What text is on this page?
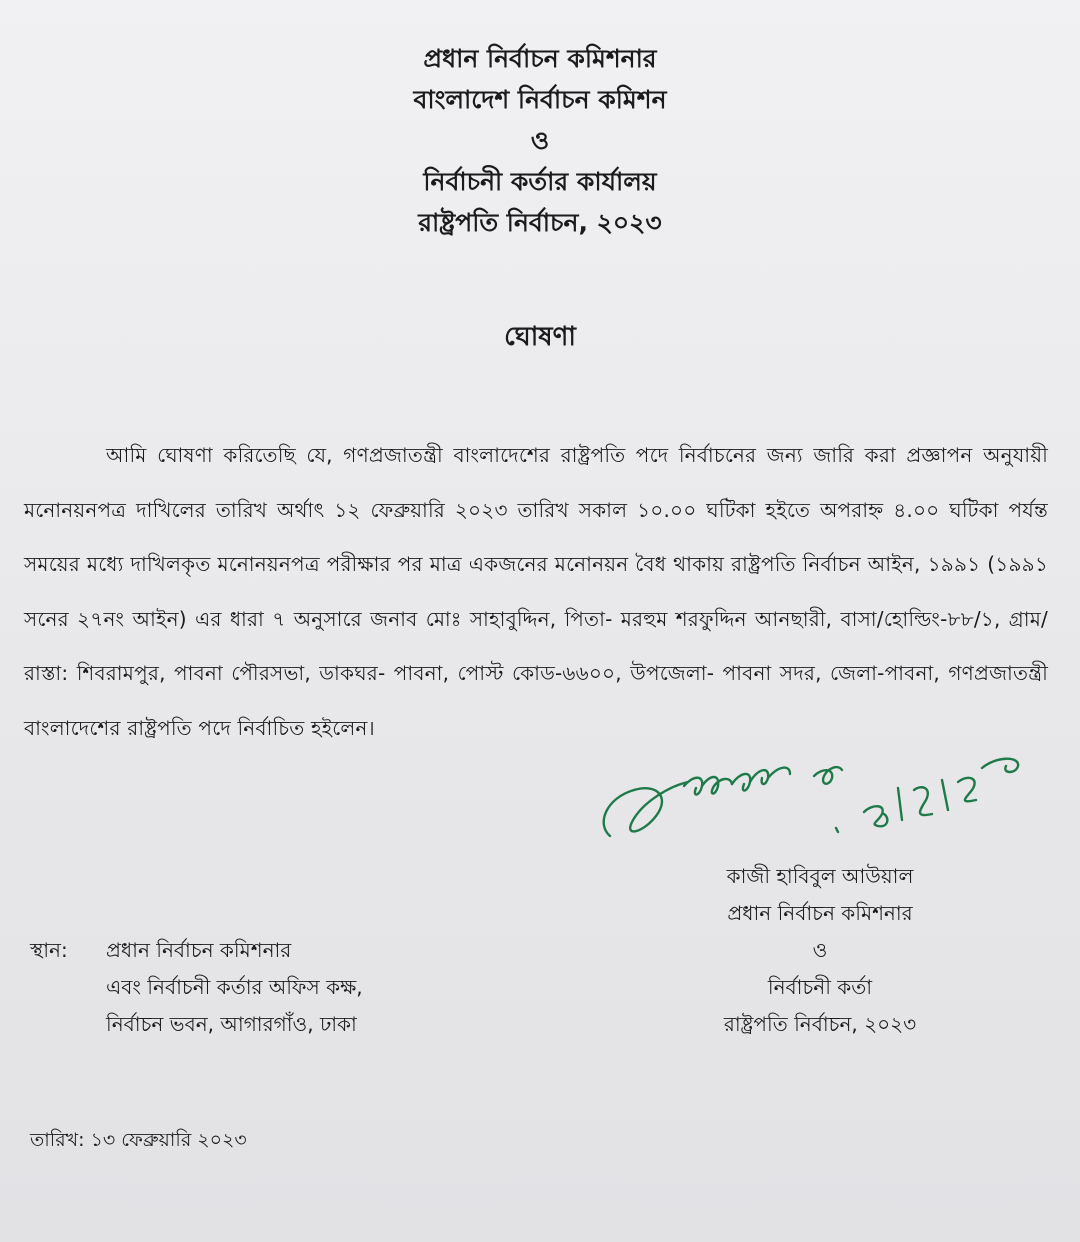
প্রধান নির্বাচন কমিশনার
বাংলাদেশ নির্বাচন কমিশন
ও
নির্বাচনী কর্তার কার্যালয়
রাষ্ট্রপতি নির্বাচন, ২০২৩
ঘোষণা

আমি ঘোষণা করিতেছি যে, গণপ্রজাতন্ত্রী বাংলাদেশের রাষ্ট্রপতি পদে নির্বাচনের জন্য জারি করা প্রজ্ঞাপন অনুযায়ী মনোনয়নপত্র দাখিলের তারিখ অর্থাৎ ১২ ফেব্রুয়ারি ২০২৩ তারিখ সকাল ১০.০০ ঘটিকা হইতে অপরাহ্ন ৪.০০ ঘটিকা পর্যন্ত সময়ের মধ্যে দাখিলকৃত মনোনয়নপত্র পরীক্ষার পর মাত্র একজনের মনোনয়ন বৈধ থাকায় রাষ্ট্রপতি নির্বাচন আইন, ১৯৯১ (১৯৯১ সনের ২৭নং আইন) এর ধারা ৭ অনুসারে জনাব মোঃ সাহাবুদ্দিন, পিতা- মরহুম শরফুদ্দিন আনছারী, বাসা/হোল্ডিং-৮৮/১, গ্রাম/রাস্তা: শিবরামপুর, পাবনা পৌরসভা, ডাকঘর- পাবনা, পোস্ট কোড-৬৬০০, উপজেলা- পাবনা সদর, জেলা-পাবনা, গণপ্রজাতন্ত্রী বাংলাদেশের রাষ্ট্রপতি পদে নির্বাচিত হইলেন।

কাজী হাবিবুল আউয়াল
প্রধান নির্বাচন কমিশনার
ও
নির্বাচনী কর্তা
রাষ্ট্রপতি নির্বাচন, ২০২৩
স্থান: প্রধান নির্বাচন কমিশনার
এবং নির্বাচনী কর্তার অফিস কক্ষ,
নির্বাচন ভবন, আগারগাঁও, ঢাকা
তারিখ: ১৩ ফেব্রুয়ারি ২০২৩
